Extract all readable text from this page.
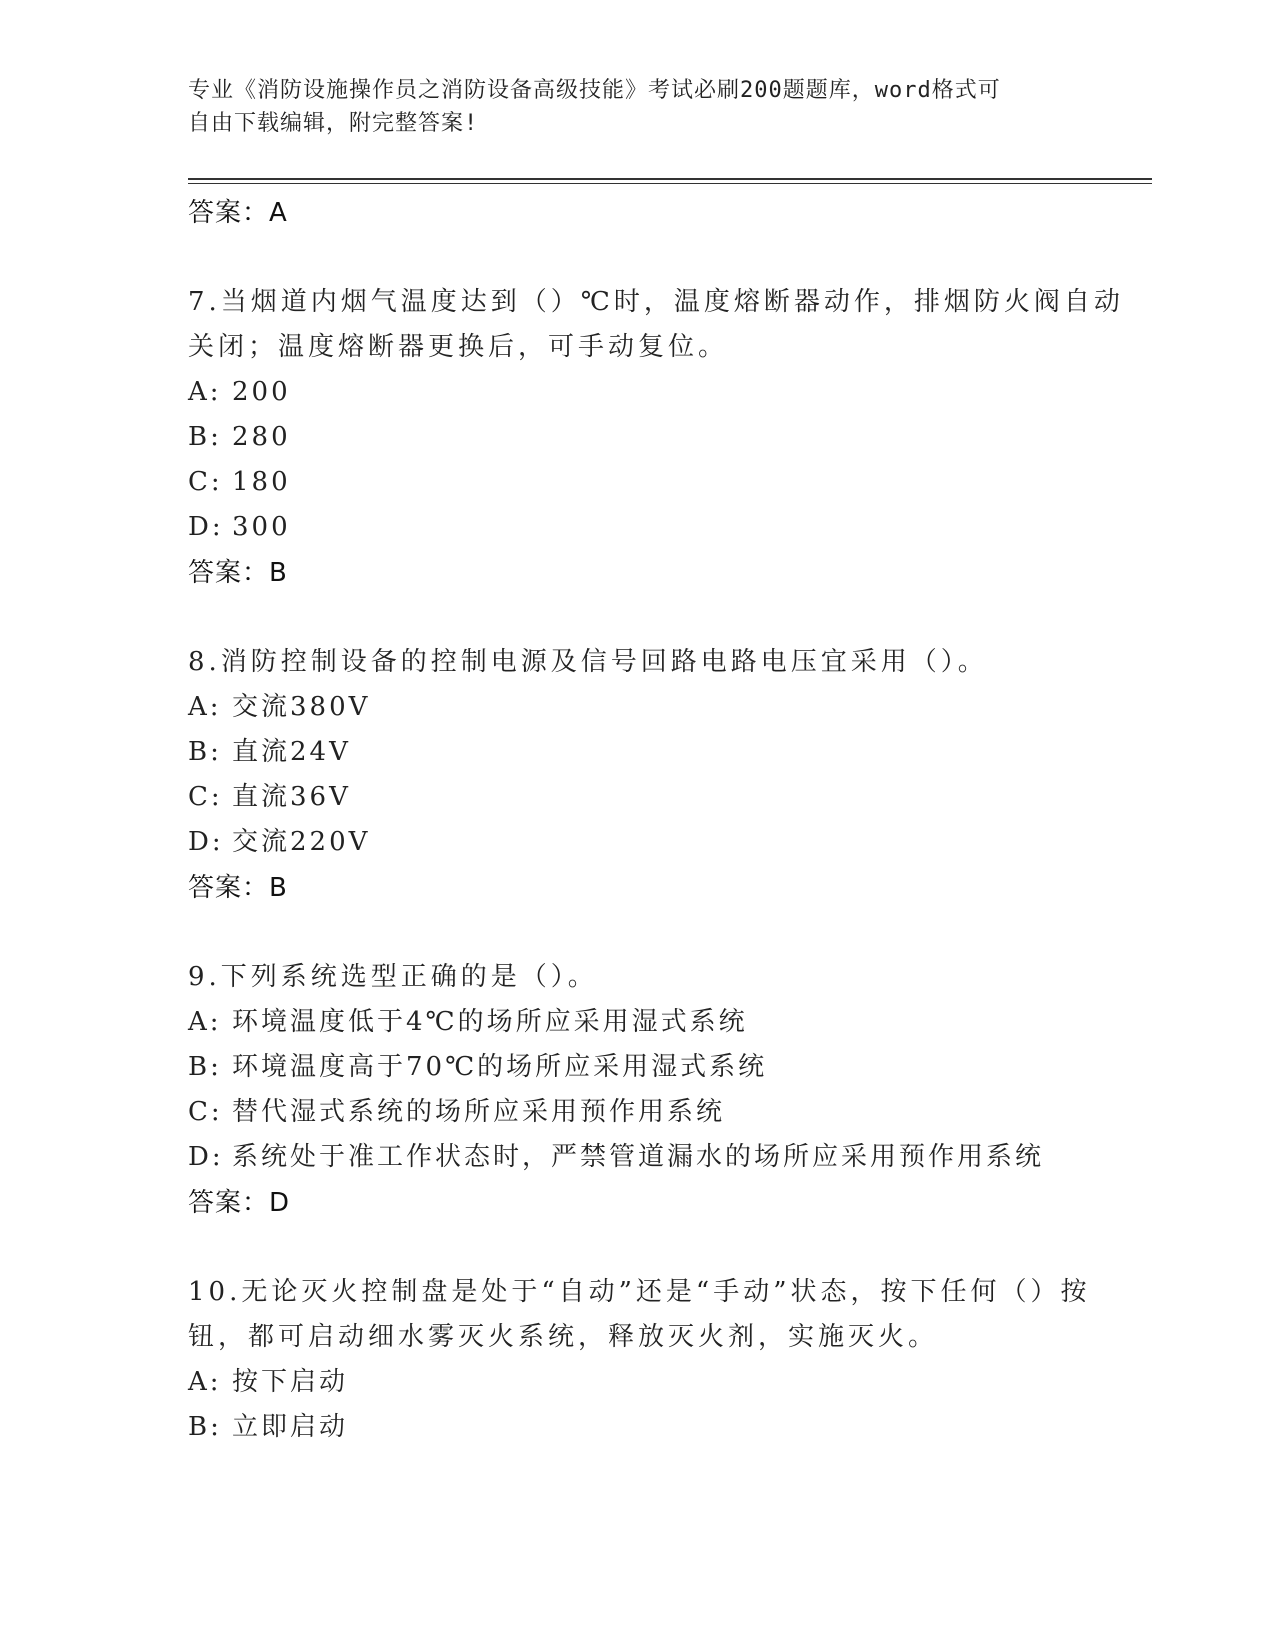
专业《消防设施操作员之消防设备高级技能》考试必刷200题题库，word格式可
自由下载编辑，附完整答案!
答案：A
7.当烟道内烟气温度达到（）℃时，温度熔断器动作，排烟防火阀自动关闭；温度熔断器更换后，可手动复位。
A: 200
B: 280
C: 180
D: 300
答案：B
8.消防控制设备的控制电源及信号回路电路电压宜采用（）。
A: 交流380V
B: 直流24V
C: 直流36V
D: 交流220V
答案：B
9.下列系统选型正确的是（）。
A: 环境温度低于4℃的场所应采用湿式系统
B: 环境温度高于70℃的场所应采用湿式系统
C: 替代湿式系统的场所应采用预作用系统
D: 系统处于准工作状态时，严禁管道漏水的场所应采用预作用系统
答案：D
10.无论灭火控制盘是处于“自动”还是“手动”状态，按下任何（）按钮，都可启动细水雾灭火系统，释放灭火剂，实施灭火。
A: 按下启动
B: 立即启动
